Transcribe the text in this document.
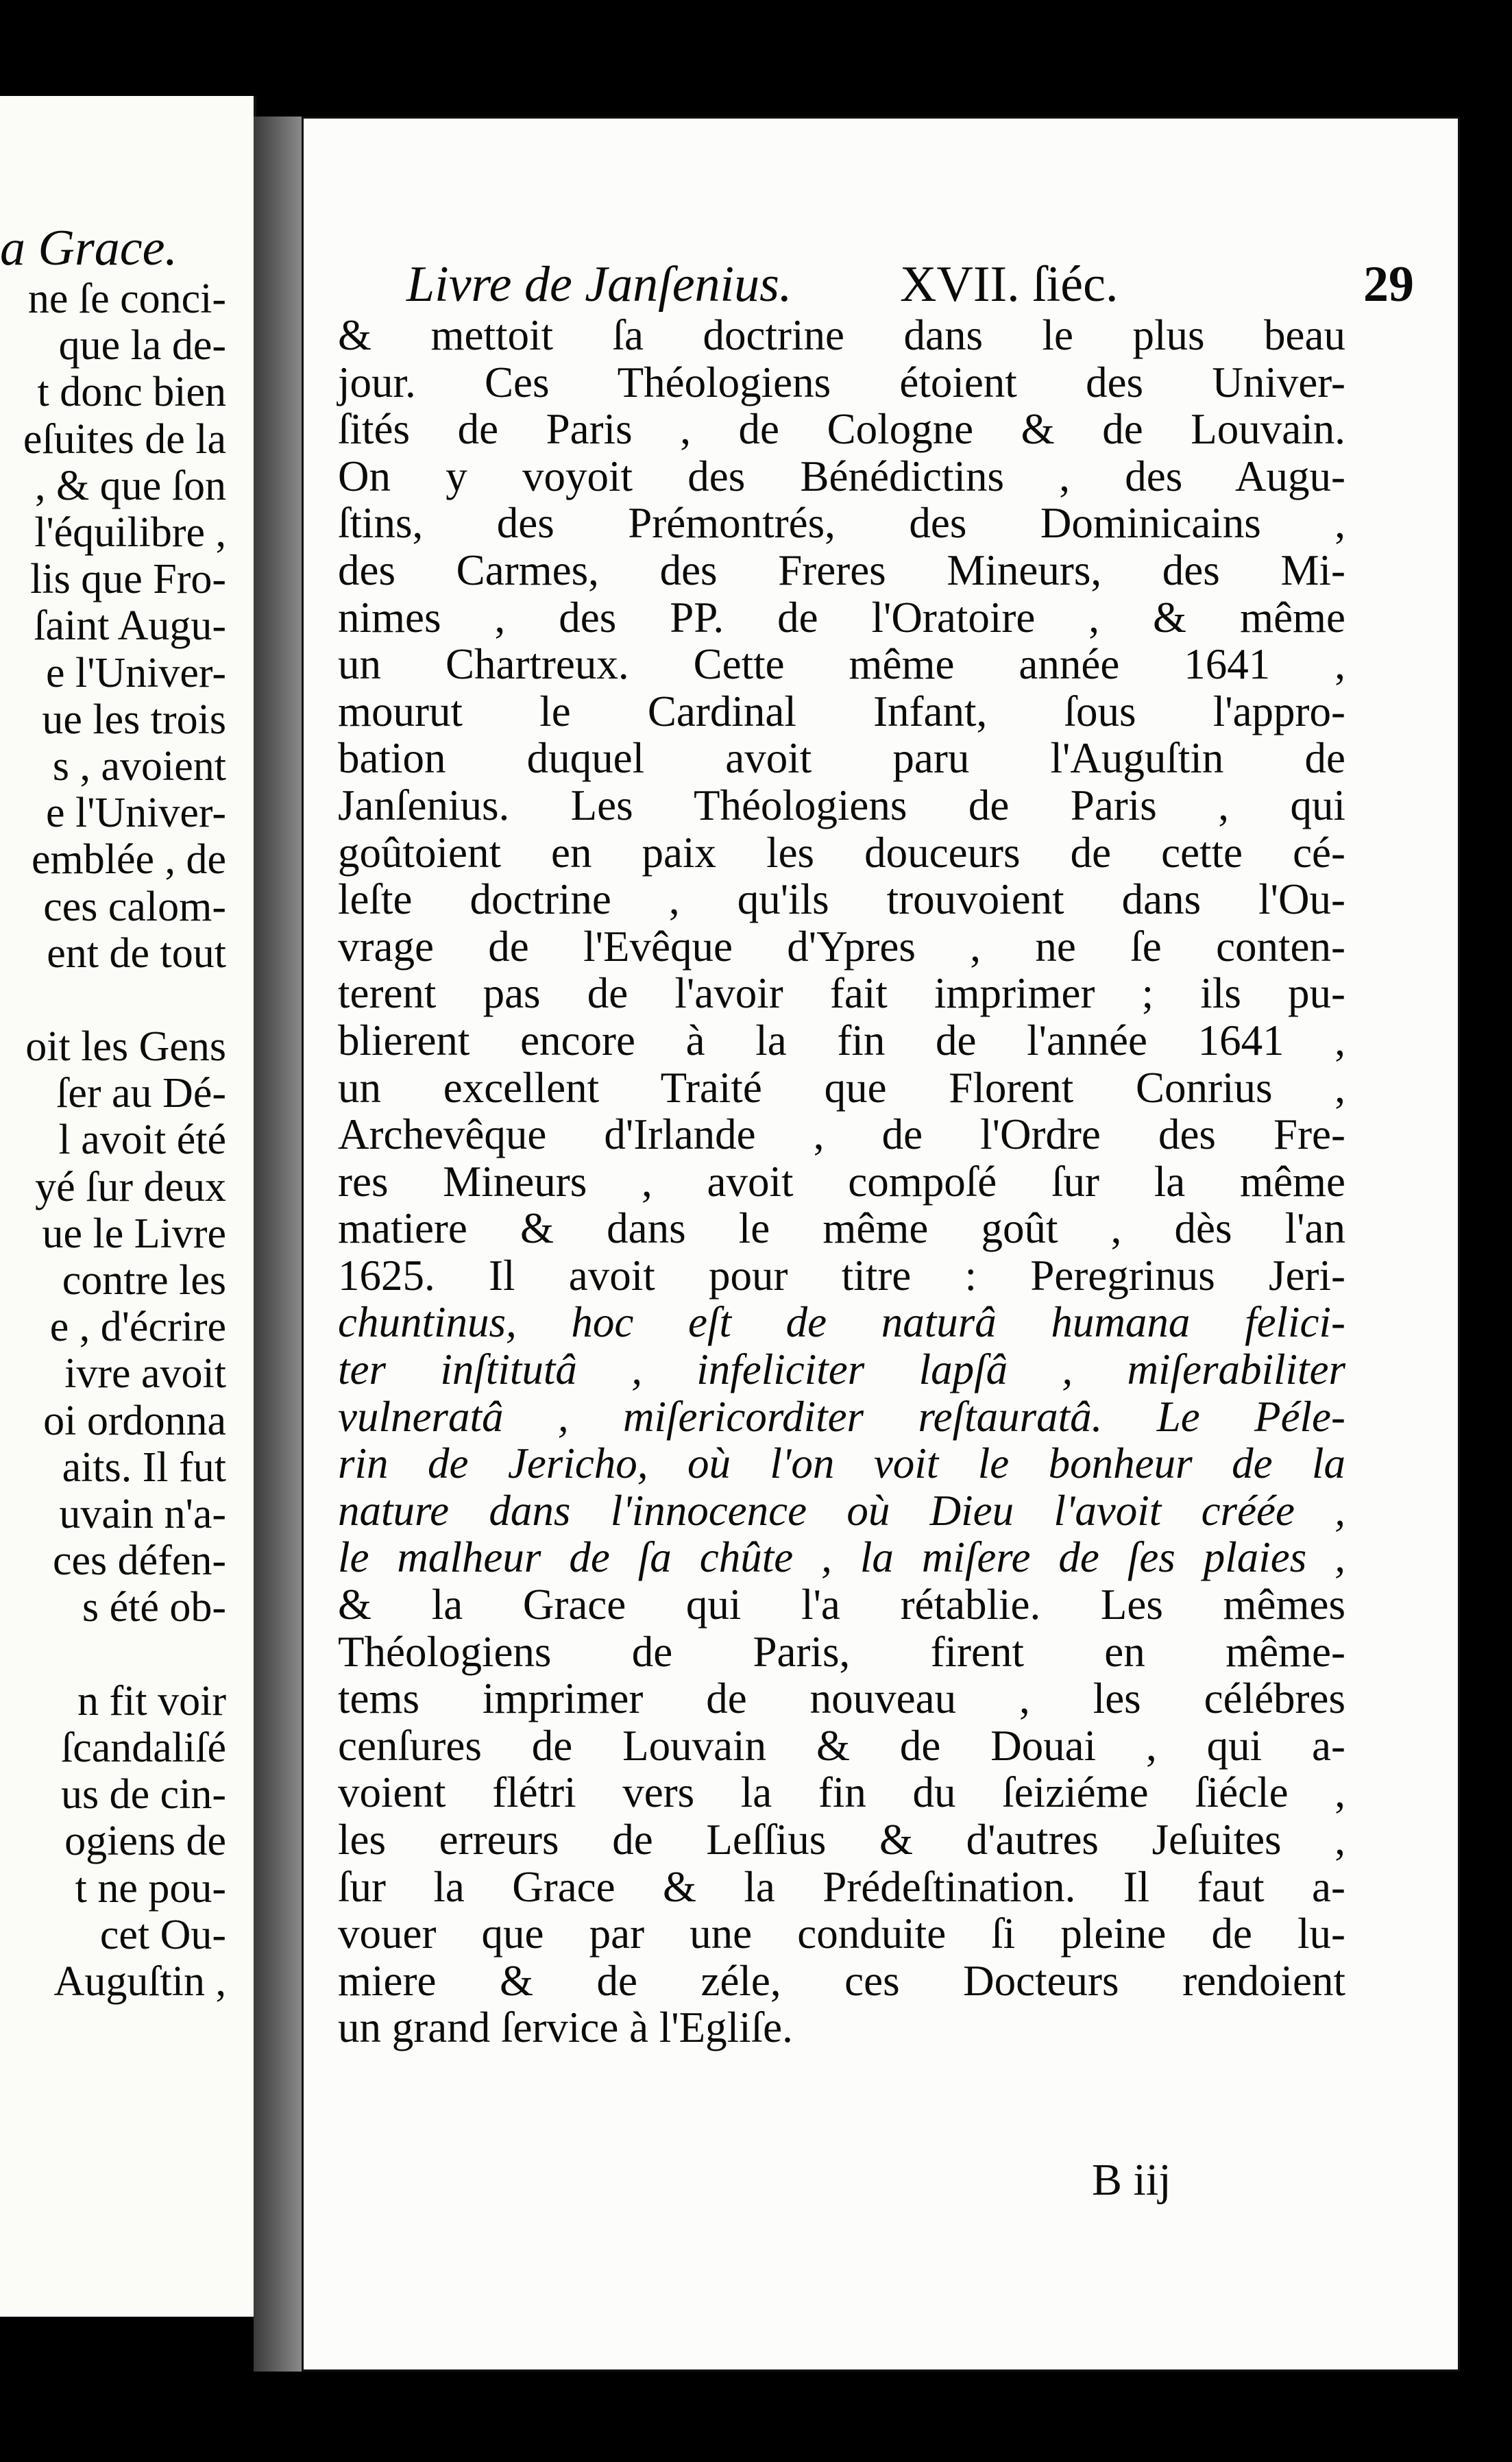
a Grace.
ne ſe conci-
que la de-
t donc bien
eſuites de la
, & que ſon
l'équilibre ,
lis que Fro-
ſaint Augu-
e l'Univer-
ue les trois
s , avoient
e l'Univer-
emblée , de
ces calom-
ent de tout
oit les Gens
ſer au Dé-
l avoit été
yé ſur deux
ue le Livre
contre les
e , d'écrire
ivre avoit
oi ordonna
aits. Il fut
uvain n'a-
ces défen-
s été ob-
n fit voir
ſcandaliſé
us de cin-
ogiens de
t ne pou-
cet Ou-
Auguſtin ,
Livre de Janſenius. XVII. ſiéc.	29
& mettoit ſa doctrine dans le plus beau
jour. Ces Théologiens étoient des Univer-
ſités de Paris , de Cologne & de Louvain.
On y voyoit des Bénédictins , des Augu-
ſtins, des Prémontrés, des Dominicains ,
des Carmes, des Freres Mineurs, des Mi-
nimes , des PP. de l'Oratoire , & même
un Chartreux. Cette même année 1641 ,
mourut le Cardinal Infant, ſous l'appro-
bation duquel avoit paru l'Auguſtin de
Janſenius. Les Théologiens de Paris , qui
goûtoient en paix les douceurs de cette cé-
leſte doctrine , qu'ils trouvoient dans l'Ou-
vrage de l'Evêque d'Ypres , ne ſe conten-
terent pas de l'avoir fait imprimer ; ils pu-
blierent encore à la fin de l'année 1641 ,
un excellent Traité que Florent Conrius ,
Archevêque d'Irlande , de l'Ordre des Fre-
res Mineurs , avoit compoſé ſur la même
matiere & dans le même goût , dès l'an
1625. Il avoit pour titre : Peregrinus Jeri-
chuntinus, hoc eſt de naturâ humana felici-
ter inſtitutâ , infeliciter lapſâ , miſerabiliter
vulneratâ , miſericorditer reſtauratâ. Le Péle-
rin de Jericho, où l'on voit le bonheur de la
nature dans l'innocence où Dieu l'avoit créée ,
le malheur de ſa chûte , la miſere de ſes plaies ,
& la Grace qui l'a rétablie. Les mêmes
Théologiens de Paris, firent en même-
tems imprimer de nouveau , les célébres
cenſures de Louvain & de Douai , qui a-
voient flétri vers la fin du ſeiziéme ſiécle ,
les erreurs de Leſſius & d'autres Jeſuites ,
ſur la Grace & la Prédeſtination. Il faut a-
vouer que par une conduite ſi pleine de lu-
miere & de zéle, ces Docteurs rendoient
un grand ſervice à l'Egliſe.
B iij
